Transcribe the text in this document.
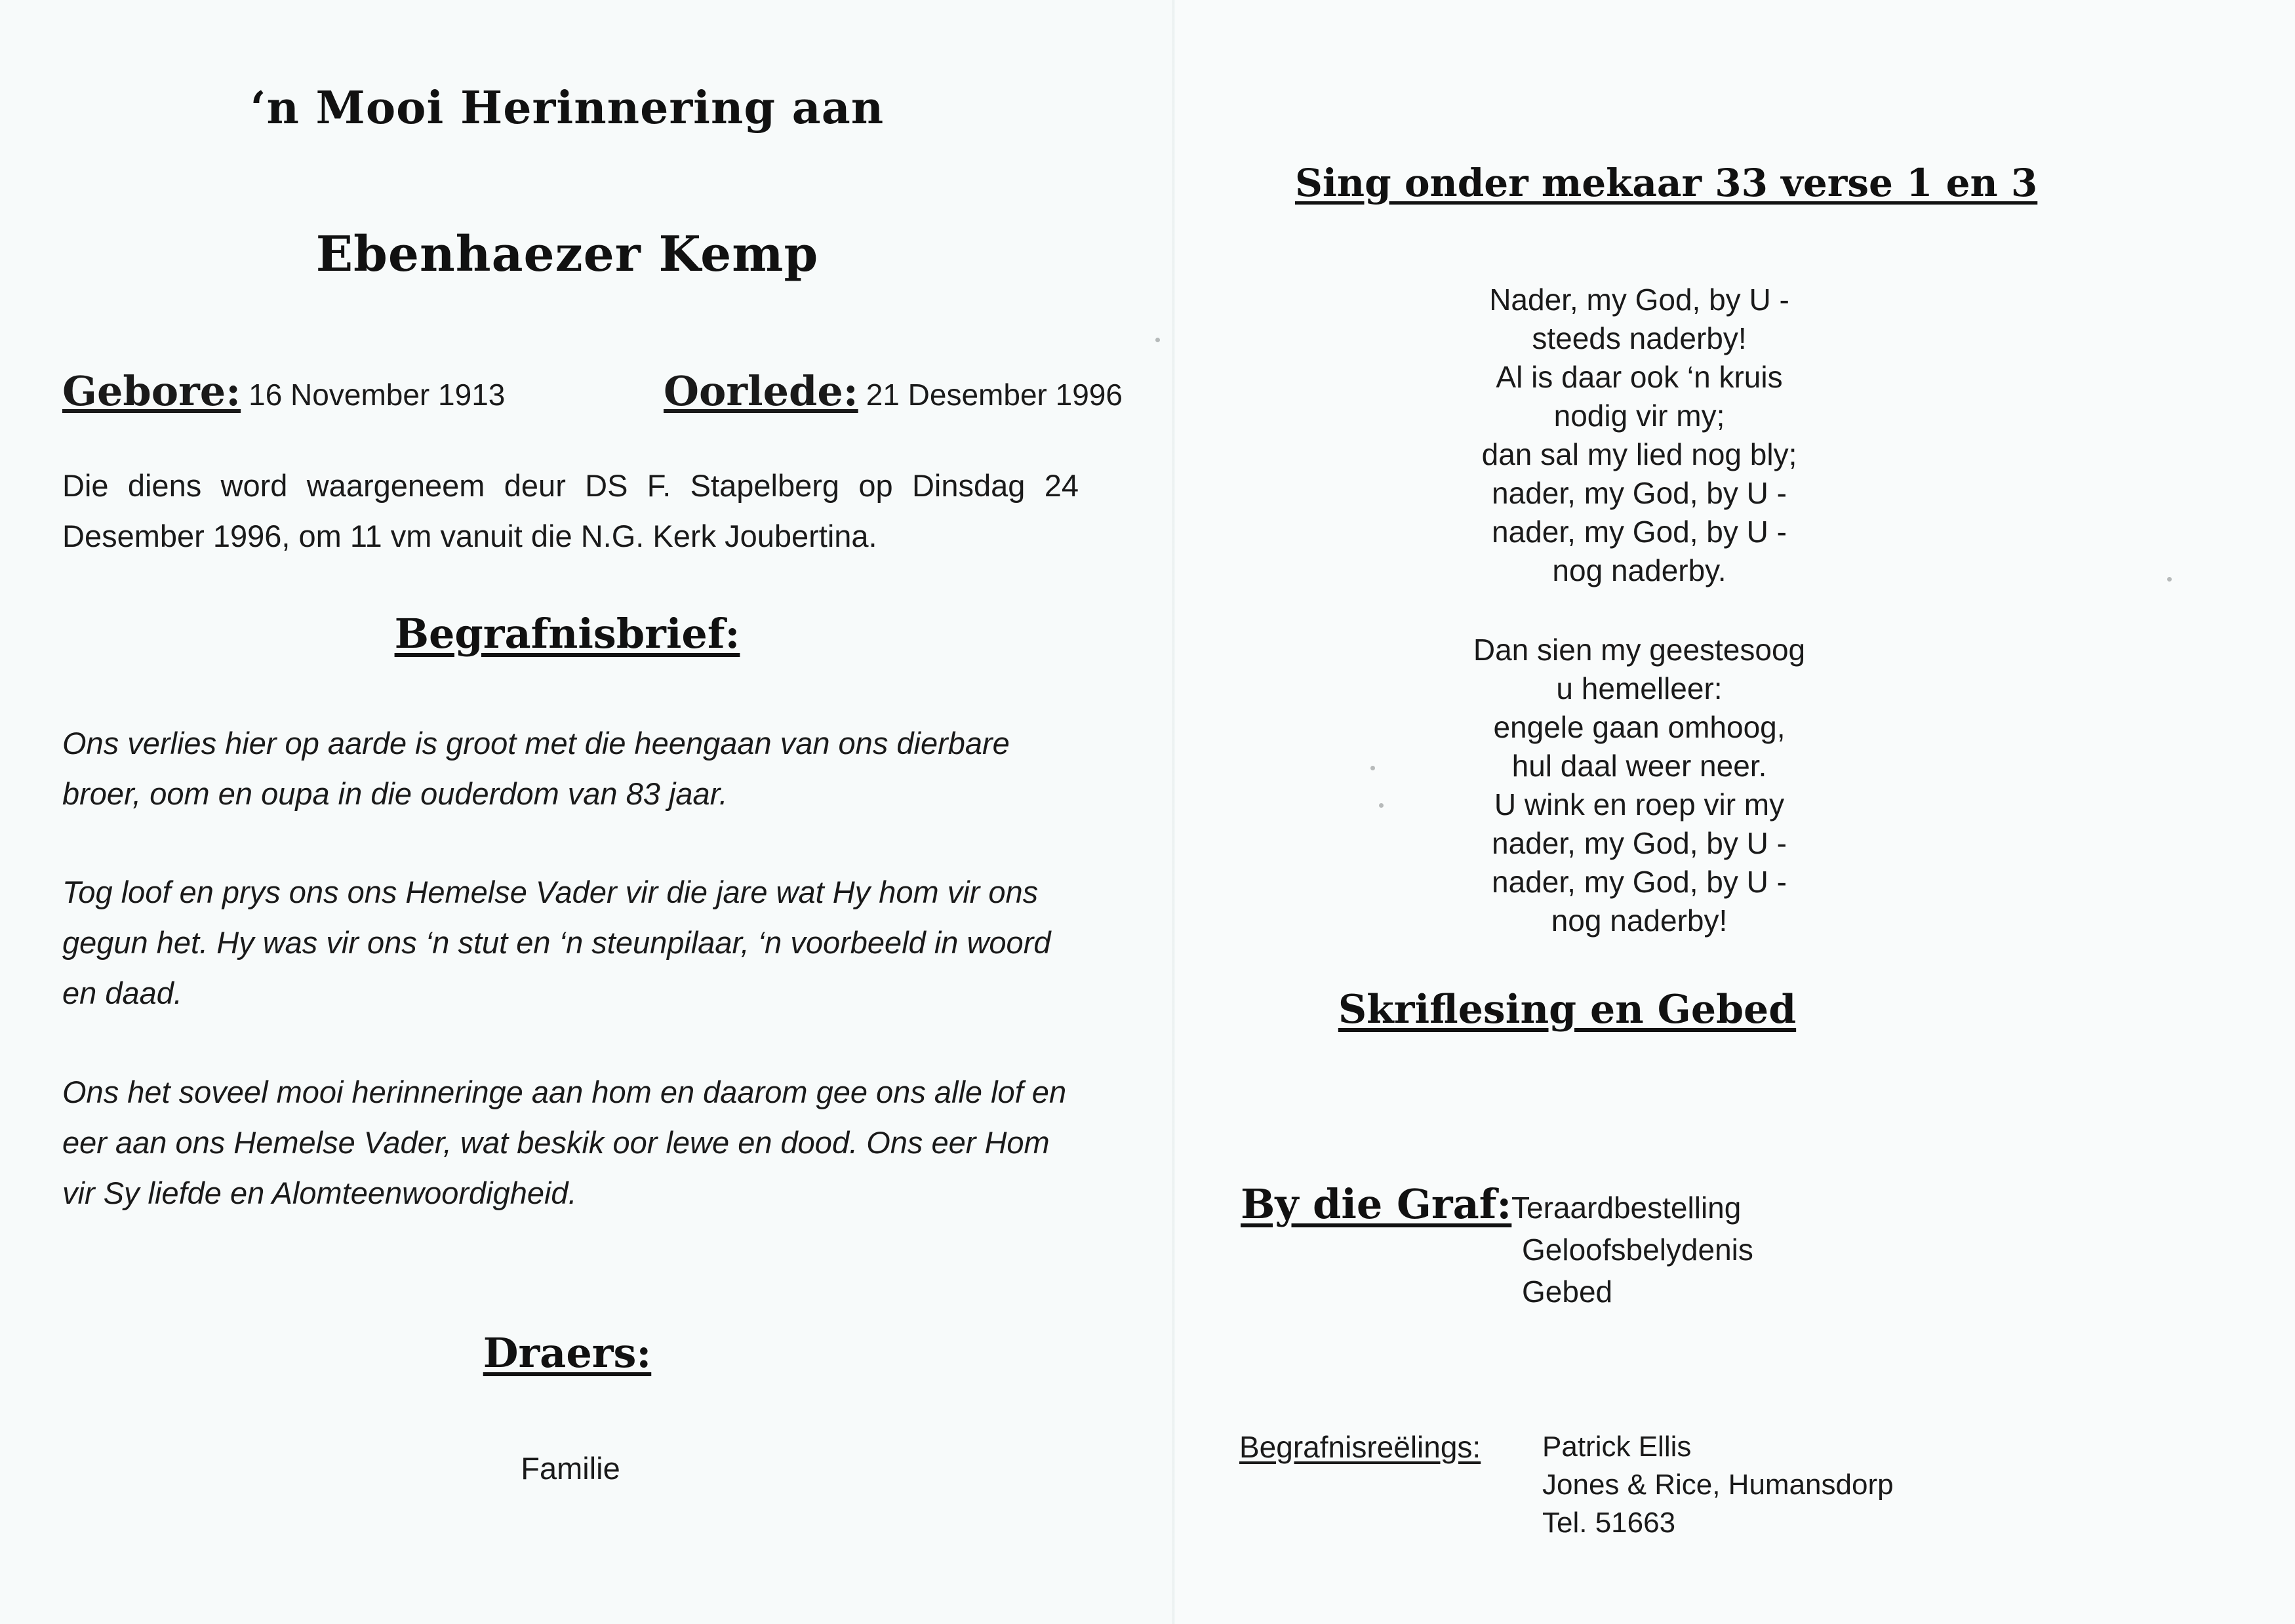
‘n Mooi Herinnering aan
Ebenhaezer Kemp
Gebore: 16 November 1913	Oorlede: 21 Desember 1996
Die diens word waargeneem deur DS F. Stapelberg op Dinsdag 24 Desember 1996, om 11 vm vanuit die N.G. Kerk Joubertina.
Begrafnisbrief:
Ons verlies hier op aarde is groot met die heengaan van ons dierbare broer, oom en oupa in die ouderdom van 83 jaar.
Tog loof en prys ons ons Hemelse Vader vir die jare wat Hy hom vir ons gegun het. Hy was vir ons ‘n stut en ‘n steunpilaar, ‘n voorbeeld in woord en daad.
Ons het soveel mooi herinneringe aan hom en daarom gee ons alle lof en eer aan ons Hemelse Vader, wat beskik oor lewe en dood. Ons eer Hom vir Sy liefde en Alomteenwoordigheid.
Draers:
Familie
Sing onder mekaar 33 verse 1 en 3
Nader, my God, by U -
steeds naderby!
Al is daar ook ‘n kruis
nodig vir my;
dan sal my lied nog bly;
nader, my God, by U -
nader, my God, by U -
nog naderby.
Dan sien my geestesoog
u hemelleer:
engele gaan omhoog,
hul daal weer neer.
U wink en roep vir my
nader, my God, by U -
nader, my God, by U -
nog naderby!
Skriflesing en Gebed
By die Graf: Teraardbestelling
Geloofsbelydenis
Gebed
Begrafnisreëlings: Patrick Ellis
Jones & Rice, Humansdorp
Tel. 51663
